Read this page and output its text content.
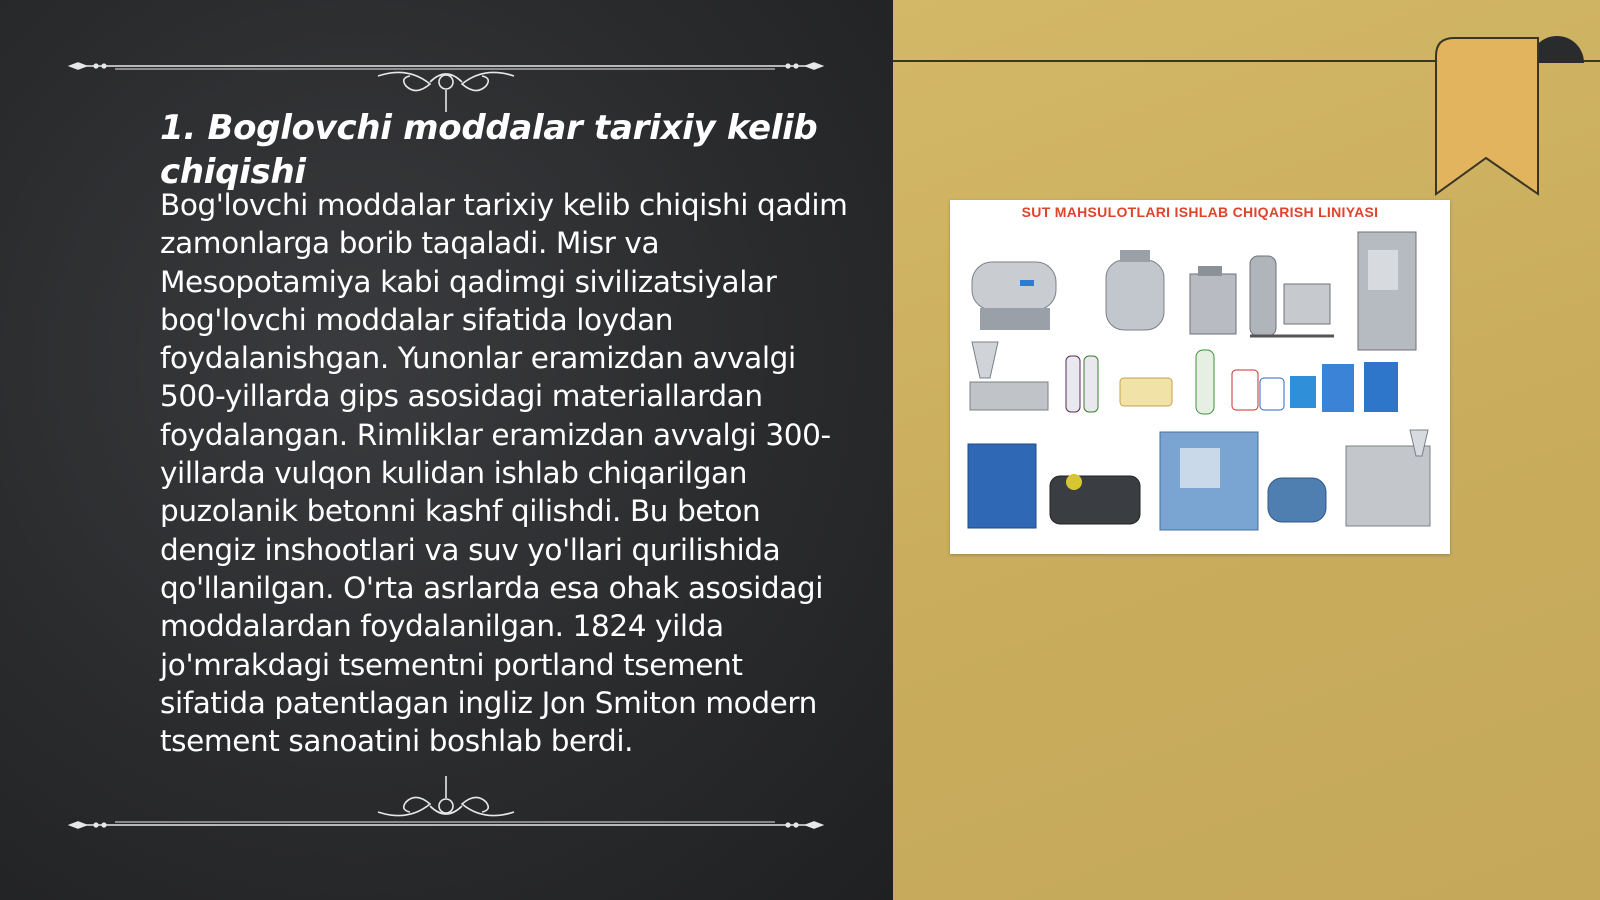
1. Boglovchi moddalar tarixiy kelib chiqishi

Bog'lovchi moddalar tarixiy kelib chiqishi qadim zamonlarga borib taqaladi. Misr va Mesopotamiya kabi qadimgi sivilizatsiyalar bog'lovchi moddalar sifatida loydan foydalanishgan. Yunonlar eramizdan avvalgi 500-yillarda gips asosidagi materiallardan foydalangan. Rimliklar eramizdan avvalgi 300-yillarda vulqon kulidan ishlab chiqarilgan puzolanik betonni kashf qilishdi. Bu beton dengiz inshootlari va suv yo'llari qurilishida qo'llanilgan. O'rta asrlarda esa ohak asosidagi moddalardan foydalanilgan. 1824 yilda jo'mrakdagi tsementni portland tsement sifatida patentlagan ingliz Jon Smiton modern tsement sanoatini boshlab berdi.

SUT MAHSULOTLARI ISHLAB CHIQARISH LINIYASI
